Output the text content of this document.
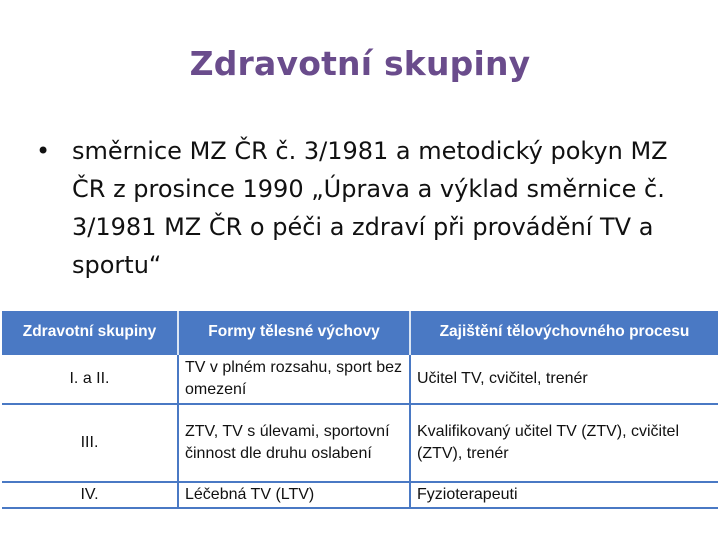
Zdravotní skupiny
• směrnice MZ ČR č. 3/1981 a metodický pokyn MZ ČR z prosince 1990 „Úprava a výklad směrnice č. 3/1981 MZ ČR o péči a zdraví při provádění TV a sportu“
Zdravotní skupiny	Formy tělesné výchovy	Zajištění tělovýchovného procesu
I. a II.	TV v plném rozsahu, sport bez omezení	Učitel TV, cvičitel, trenér
III.	ZTV, TV s úlevami, sportovní činnost dle druhu oslabení	Kvalifikovaný učitel TV (ZTV), cvičitel (ZTV), trenér
IV.	Léčebná TV (LTV)	Fyzioterapeuti
